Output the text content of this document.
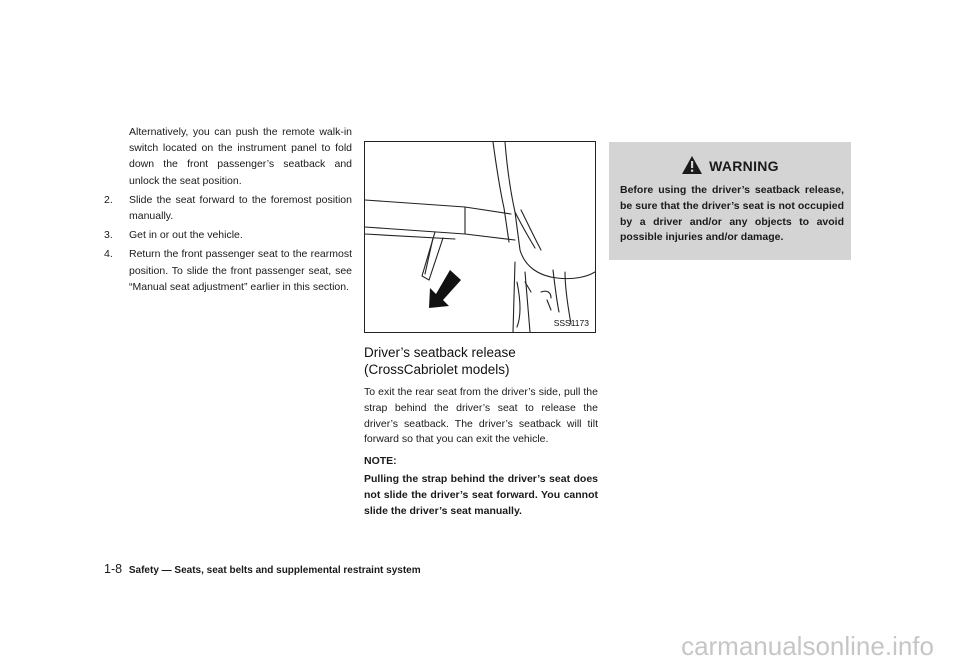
Alternatively, you can push the remote walk-in switch located on the instrument panel to fold down the front passenger’s seatback and unlock the seat position.

2. Slide the seat forward to the foremost position manually.
3. Get in or out the vehicle.
4. Return the front passenger seat to the rearmost position. To slide the front passenger seat, see “Manual seat adjustment” earlier in this section.
SSS1173
Driver’s seatback release (CrossCabriolet models)

To exit the rear seat from the driver’s side, pull the strap behind the driver’s seat to release the driver’s seatback. The driver’s seatback will tilt forward so that you can exit the vehicle.

NOTE:

Pulling the strap behind the driver’s seat does not slide the driver’s seat forward. You cannot slide the driver’s seat manually.

WARNING

Before using the driver’s seatback release, be sure that the driver’s seat is not occupied by a driver and/or any objects to avoid possible injuries and/or damage.

1-8 Safety — Seats, seat belts and supplemental restraint system
carmanualsonline.info
